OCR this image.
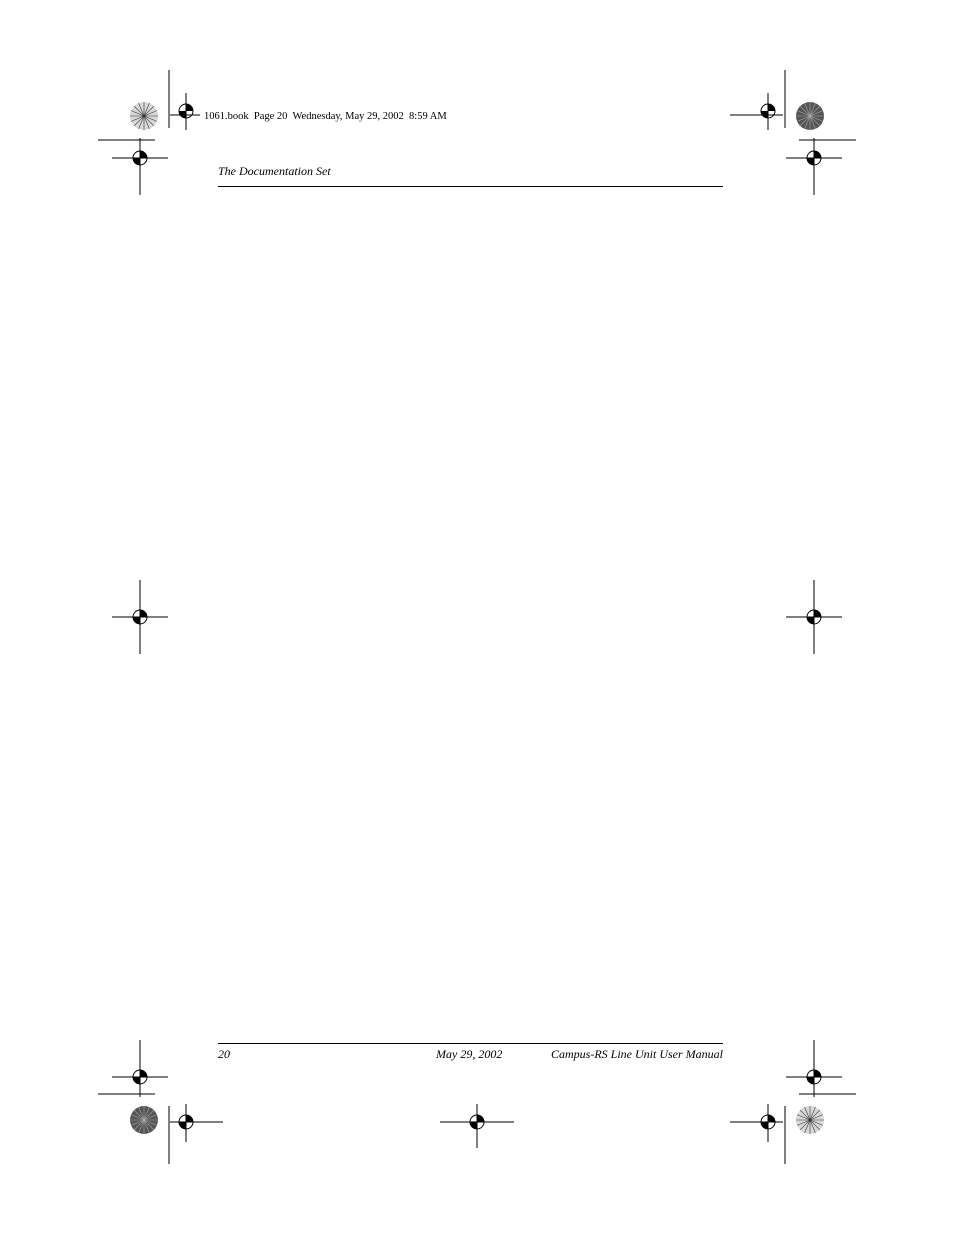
1061.book  Page 20  Wednesday, May 29, 2002  8:59 AM
The Documentation Set
20	May 29, 2002	Campus-RS Line Unit User Manual
